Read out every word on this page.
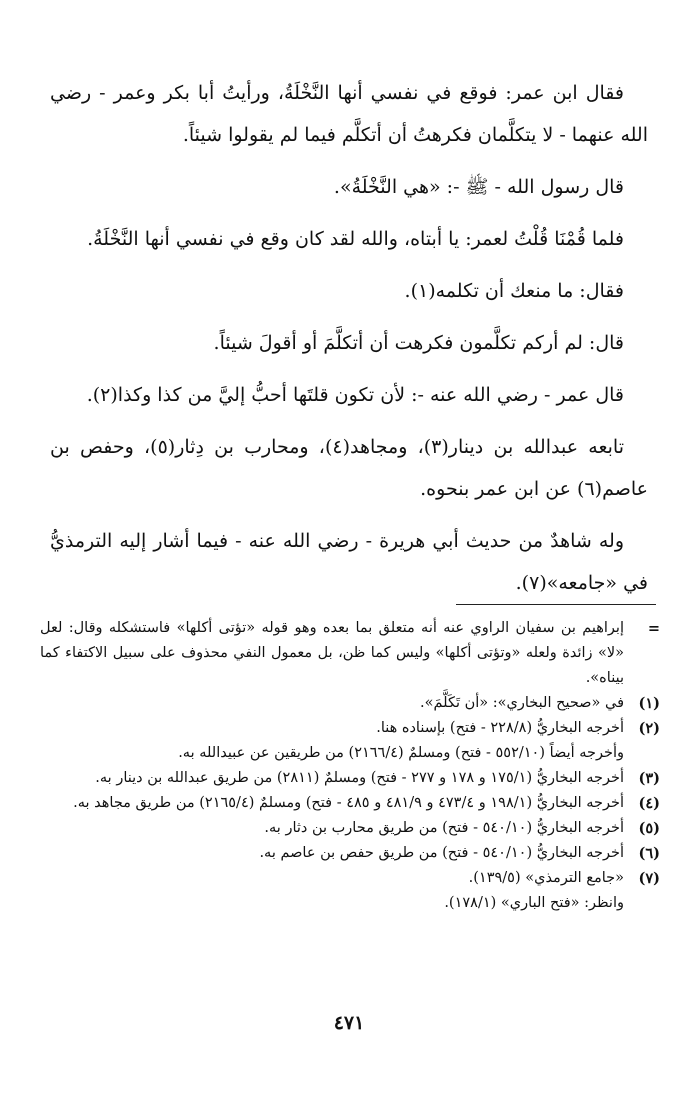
فقال ابن عمر: فوقع في نفسي أنها النَّخْلَةُ، ورأيتُ أبا بكر وعمر - رضي الله عنهما - لا يتكلَّمان فكرهتُ أن أتكلَّم فيما لم يقولوا شيئاً.

قال رسول الله - ﷺ -: «هي النَّخْلَةُ».

فلما قُمْنَا قُلْتُ لعمر: يا أبتاه، والله لقد كان وقع في نفسي أنها النَّخْلَةُ.

فقال: ما منعك أن تكلمه(١).

قال: لم أركم تكلَّمون فكرهت أن أتكلَّمَ أو أقولَ شيئاً.

قال عمر - رضي الله عنه -: لأن تكون قلتَها أحبُّ إليَّ من كذا وكذا(٢).

تابعه عبدالله بن دينار(٣)، ومجاهد(٤)، ومحارب بن دِثار(٥)، وحفص بن عاصم(٦) عن ابن عمر بنحوه.

وله شاهدٌ من حديث أبي هريرة - رضي الله عنه - فيما أشار إليه الترمذيُّ في «جامعه»(٧).

=
إبراهيم بن سفيان الراوي عنه أنه متعلق بما بعده وهو قوله «تؤتى أكلها» فاستشكله وقال: لعل «لا» زائدة ولعله «وتؤتى أكلها» وليس كما ظن، بل معمول النفي محذوف على سبيل الاكتفاء كما بيناه».
(١)
في «صحيح البخاري»: «أن تَكَلَّمَ».
(٢)
أخرجه البخاريُّ (٢٢٨/٨ - فتح) بإسناده هنا.
وأخرجه أيضاً (٥٥٢/١٠ - فتح) ومسلمٌ (٢١٦٦/٤) من طريقين عن عبيدالله به.
(٣)
أخرجه البخاريُّ (١٧٥/١ و ١٧٨ و ٢٧٧ - فتح) ومسلمٌ (٢٨١١) من طريق عبدالله بن دينار به.
(٤)
أخرجه البخاريُّ (١٩٨/١ و ٤٧٣/٤ و ٤٨١/٩ و ٤٨٥ - فتح) ومسلمٌ (٢١٦٥/٤) من طريق مجاهد به.
(٥)
أخرجه البخاريُّ (٥٤٠/١٠ - فتح) من طريق محارب بن دثار به.
(٦)
أخرجه البخاريُّ (٥٤٠/١٠ - فتح) من طريق حفص بن عاصم به.
(٧)
«جامع الترمذي» (١٣٩/٥).
وانظر: «فتح الباري» (١٧٨/١).
٤٧١
